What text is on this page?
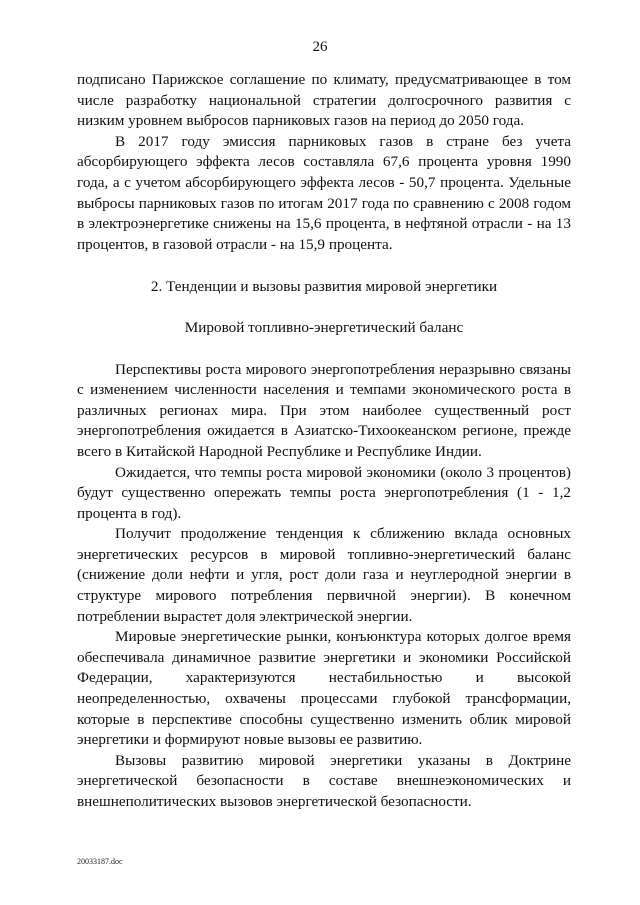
26

подписано Парижское соглашение по климату, предусматривающее в том числе разработку национальной стратегии долгосрочного развития с низким уровнем выбросов парниковых газов на период до 2050 года.

В 2017 году эмиссия парниковых газов в стране без учета абсорбирующего эффекта лесов составляла 67,6 процента уровня 1990 года, а с учетом абсорбирующего эффекта лесов - 50,7 процента. Удельные выбросы парниковых газов по итогам 2017 года по сравнению с 2008 годом в электроэнергетике снижены на 15,6 процента, в нефтяной отрасли - на 13 процентов, в газовой отрасли - на 15,9 процента.

2. Тенденции и вызовы развития мировой энергетики

Мировой топливно-энергетический баланс

Перспективы роста мирового энергопотребления неразрывно связаны с изменением численности населения и темпами экономического роста в различных регионах мира. При этом наиболее существенный рост энергопотребления ожидается в Азиатско-Тихоокеанском регионе, прежде всего в Китайской Народной Республике и Республике Индии.

Ожидается, что темпы роста мировой экономики (около 3 процентов) будут существенно опережать темпы роста энергопотребления (1 - 1,2 процента в год).

Получит продолжение тенденция к сближению вклада основных энергетических ресурсов в мировой топливно-энергетический баланс (снижение доли нефти и угля, рост доли газа и неуглеродной энергии в структуре мирового потребления первичной энергии). В конечном потреблении вырастет доля электрической энергии.

Мировые энергетические рынки, конъюнктура которых долгое время обеспечивала динамичное развитие энергетики и экономики Российской Федерации, характеризуются нестабильностью и высокой неопределенностью, охвачены процессами глубокой трансформации, которые в перспективе способны существенно изменить облик мировой энергетики и формируют новые вызовы ее развитию.

Вызовы развитию мировой энергетики указаны в Доктрине энергетической безопасности в составе внешнеэкономических и внешнеполитических вызовов энергетической безопасности.

20033187.doc
